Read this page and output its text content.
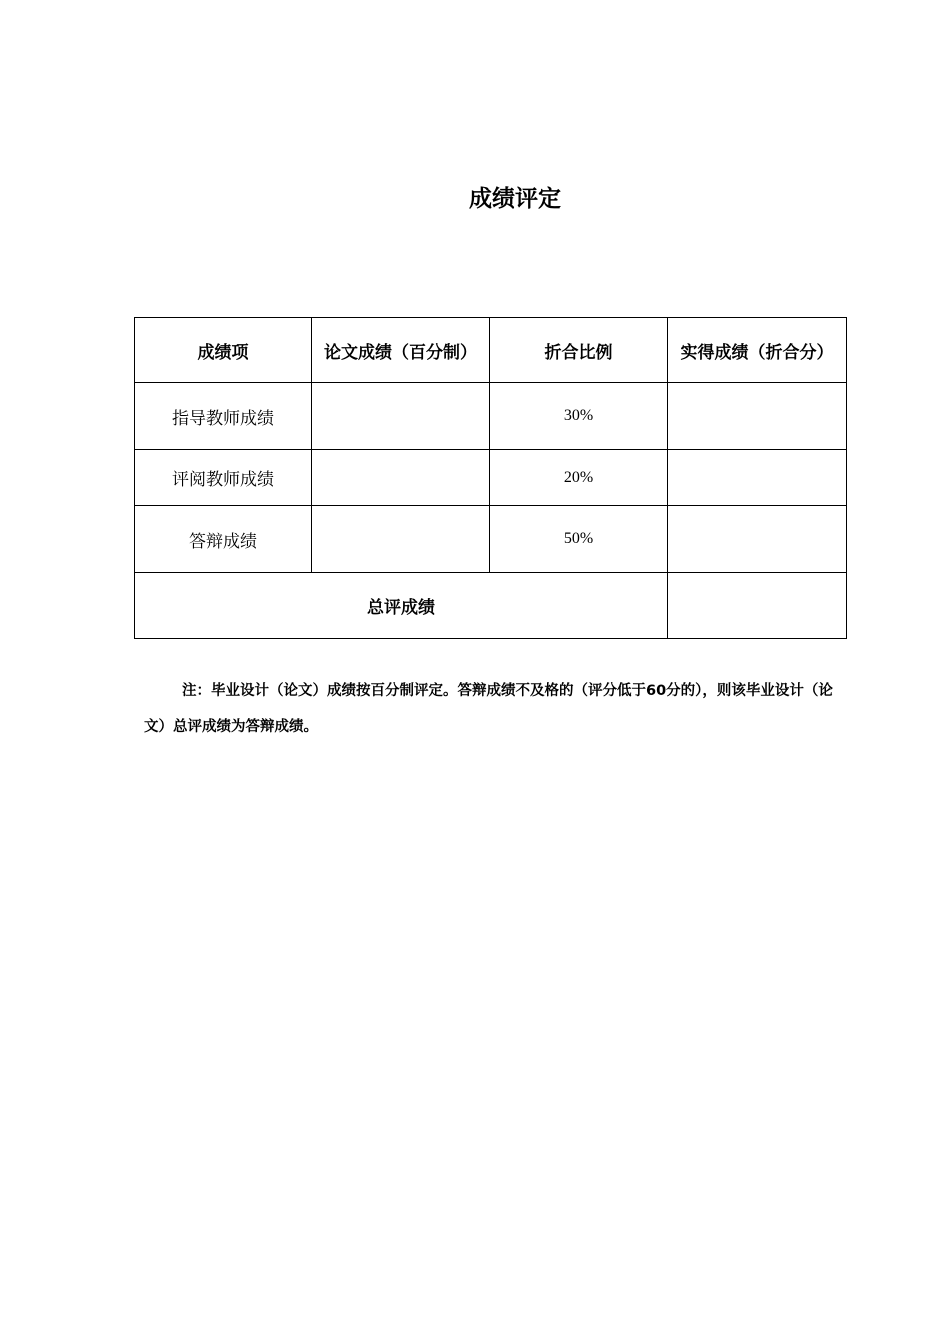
成绩评定
成绩项	论文成绩（百分制）	折合比例	实得成绩（折合分）
指导教师成绩		30%	
评阅教师成绩		20%	
答辩成绩		50%	
总评成绩			

注：毕业设计（论文）成绩按百分制评定。答辩成绩不及格的（评分低于60分的），则该毕业设计（论文）总评成绩为答辩成绩。
